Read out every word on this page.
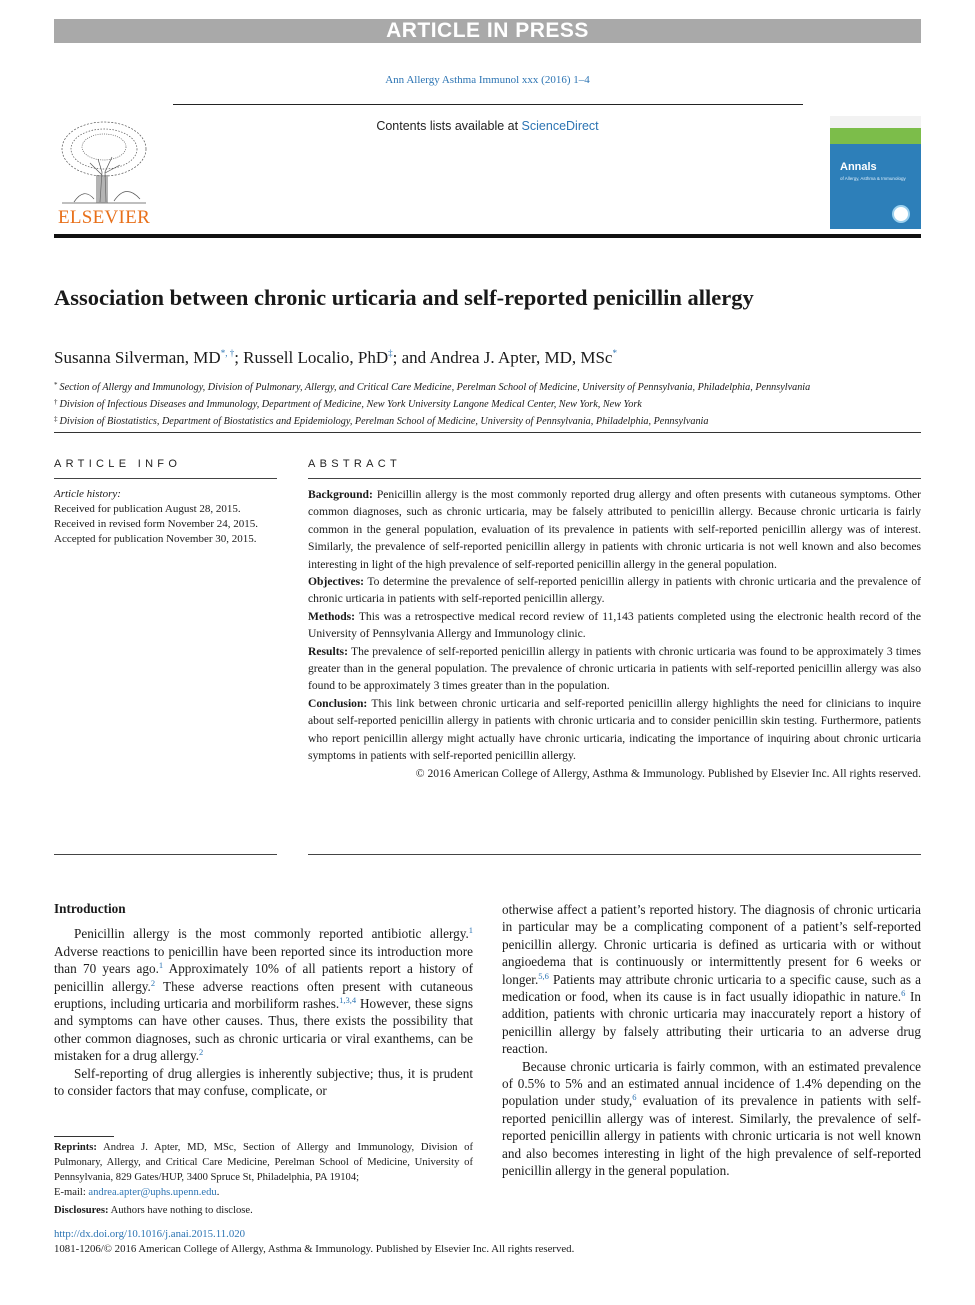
ARTICLE IN PRESS
Ann Allergy Asthma Immunol xxx (2016) 1–4
ELSEVIER
Contents lists available at ScienceDirect
Annals
of Allergy, Asthma & Immunology
Association between chronic urticaria and self-reported penicillin allergy
Susanna Silverman, MD*, †; Russell Localio, PhD‡; and Andrea J. Apter, MD, MSc*
* Section of Allergy and Immunology, Division of Pulmonary, Allergy, and Critical Care Medicine, Perelman School of Medicine, University of Pennsylvania, Philadelphia, Pennsylvania
† Division of Infectious Diseases and Immunology, Department of Medicine, New York University Langone Medical Center, New York, New York
‡ Division of Biostatistics, Department of Biostatistics and Epidemiology, Perelman School of Medicine, University of Pennsylvania, Philadelphia, Pennsylvania
ARTICLE INFO	ABSTRACT
Article history:
Received for publication August 28, 2015.
Received in revised form November 24, 2015.
Accepted for publication November 30, 2015.

Background: Penicillin allergy is the most commonly reported drug allergy and often presents with cutaneous symptoms. Other common diagnoses, such as chronic urticaria, may be falsely attributed to penicillin allergy. Because chronic urticaria is fairly common in the general population, evaluation of its prevalence in patients with self-reported penicillin allergy was of interest. Similarly, the prevalence of self-reported penicillin allergy in patients with chronic urticaria is not well known and also becomes interesting in light of the high prevalence of self-reported penicillin allergy in the general population.

Objectives: To determine the prevalence of self-reported penicillin allergy in patients with chronic urticaria and the prevalence of chronic urticaria in patients with self-reported penicillin allergy.

Methods: This was a retrospective medical record review of 11,143 patients completed using the electronic health record of the University of Pennsylvania Allergy and Immunology clinic.

Results: The prevalence of self-reported penicillin allergy in patients with chronic urticaria was found to be approximately 3 times greater than in the general population. The prevalence of chronic urticaria in patients with self-reported penicillin allergy was also found to be approximately 3 times greater than in the population.

Conclusion: This link between chronic urticaria and self-reported penicillin allergy highlights the need for clinicians to inquire about self-reported penicillin allergy in patients with chronic urticaria and to consider penicillin skin testing. Furthermore, patients who report penicillin allergy might actually have chronic urticaria, indicating the importance of inquiring about chronic urticaria symptoms in patients with self-reported penicillin allergy.

© 2016 American College of Allergy, Asthma & Immunology. Published by Elsevier Inc. All rights reserved.

Introduction

Penicillin allergy is the most commonly reported antibiotic allergy.$^1$ Adverse reactions to penicillin have been reported since its introduction more than 70 years ago.$^1$ Approximately 10% of all patients report a history of penicillin allergy.$^2$ These adverse reactions often present with cutaneous eruptions, including urticaria and morbiliform rashes.$^{1,3,4}$ However, these signs and symptoms can have other causes. Thus, there exists the possibility that other common diagnoses, such as chronic urticaria or viral exanthems, can be mistaken for a drug allergy.$^2$

Self-reporting of drug allergies is inherently subjective; thus, it is prudent to consider factors that may confuse, complicate, or

otherwise affect a patient’s reported history. The diagnosis of chronic urticaria in particular may be a complicating component of a patient’s self-reported penicillin allergy. Chronic urticaria is defined as urticaria with or without angioedema that is continuously or intermittently present for 6 weeks or longer.$^{5,6}$ Patients may attribute chronic urticaria to a specific cause, such as a medication or food, when its cause is in fact usually idiopathic in nature.$^6$ In addition, patients with chronic urticaria may inaccurately report a history of penicillin allergy by falsely attributing their urticaria to an adverse drug reaction.

Because chronic urticaria is fairly common, with an estimated prevalence of 0.5% to 5% and an estimated annual incidence of 1.4% depending on the population under study,$^6$ evaluation of its prevalence in patients with self-reported penicillin allergy was of interest. Similarly, the prevalence of self-reported penicillin allergy in patients with chronic urticaria is not well known and also becomes interesting in light of the high prevalence of self-reported penicillin allergy in the general population.

Reprints: Andrea J. Apter, MD, MSc, Section of Allergy and Immunology, Division of Pulmonary, Allergy, and Critical Care Medicine, Perelman School of Medicine, University of Pennsylvania, 829 Gates/HUP, 3400 Spruce St, Philadelphia, PA 19104;

E-mail: andrea.apter@uphs.upenn.edu.

Disclosures: Authors have nothing to disclose.

http://dx.doi.org/10.1016/j.anai.2015.11.020
1081-1206/© 2016 American College of Allergy, Asthma & Immunology. Published by Elsevier Inc. All rights reserved.
